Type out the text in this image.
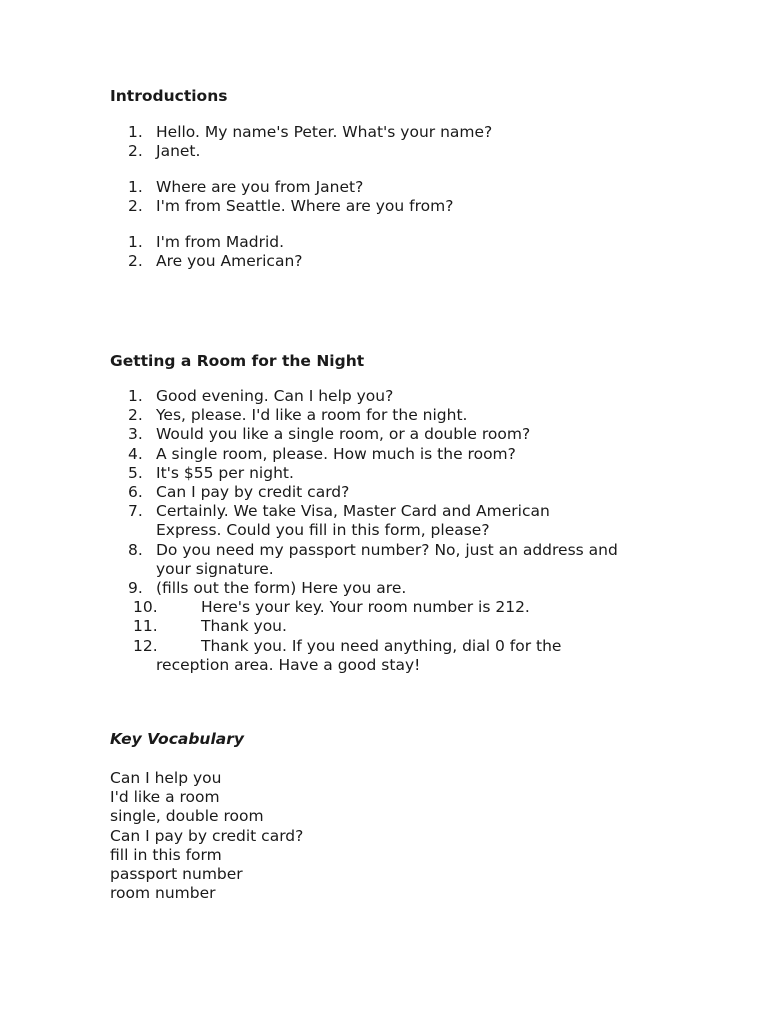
Introductions
1. Hello. My name's Peter. What's your name?
2. Janet.
1. Where are you from Janet?
2. I'm from Seattle. Where are you from?
1. I'm from Madrid.
2. Are you American?
Getting a Room for the Night
1. Good evening. Can I help you?
2. Yes, please. I'd like a room for the night.
3. Would you like a single room, or a double room?
4. A single room, please. How much is the room?
5. It's $55 per night.
6. Can I pay by credit card?
7. Certainly. We take Visa, Master Card and American Express. Could you fill in this form, please?
8. Do you need my passport number? No, just an address and your signature.
9. (fills out the form) Here you are.
10.	Here's your key. Your room number is 212.
11.	Thank you.
12.	Thank you. If you need anything, dial 0 for the
reception area. Have a good stay!
Key Vocabulary
Can I help you
I'd like a room
single, double room
Can I pay by credit card?
fill in this form
passport number
room number
